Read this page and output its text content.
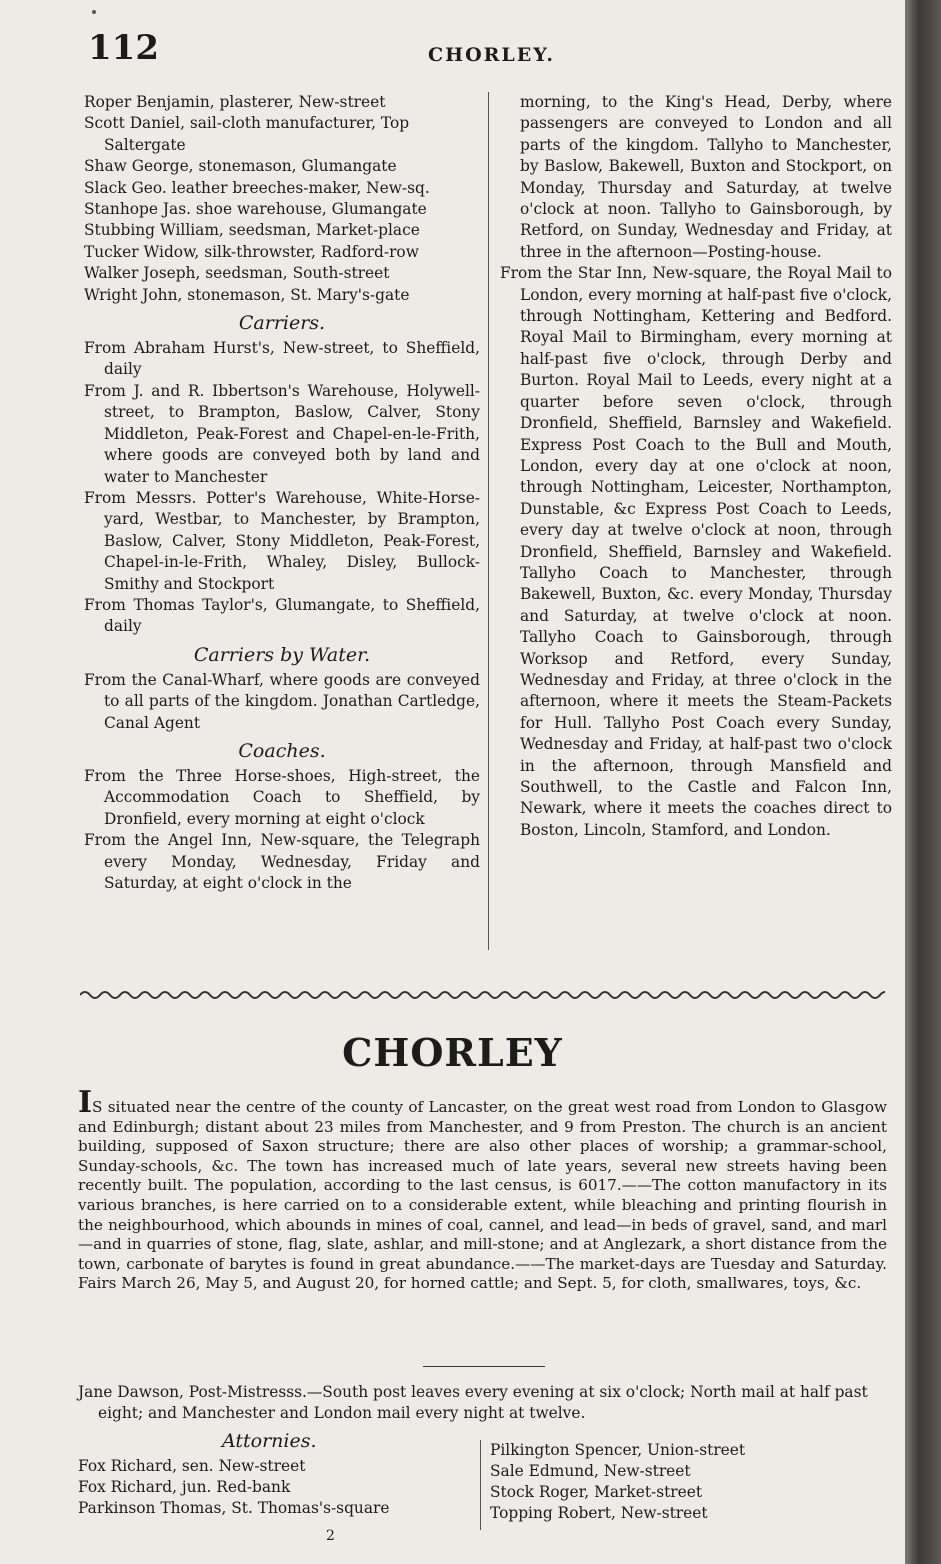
112	CHORLEY.
Roper Benjamin, plasterer, New-street
Scott Daniel, sail-cloth manufacturer, Top Saltergate
Shaw George, stonemason, Glumangate
Slack Geo. leather breeches-maker, New-sq.
Stanhope Jas. shoe warehouse, Glumangate
Stubbing William, seedsman, Market-place
Tucker Widow, silk-throwster, Radford-row
Walker Joseph, seedsman, South-street
Wright John, stonemason, St. Mary's-gate
Carriers.
From Abraham Hurst's, New-street, to Sheffield, daily
From J. and R. Ibbertson's Warehouse, Holywell-street, to Brampton, Baslow, Calver, Stony Middleton, Peak-Forest and Chapel-en-le-Frith, where goods are conveyed both by land and water to Manchester
From Messrs. Potter's Warehouse, White-Horse-yard, Westbar, to Manchester, by Brampton, Baslow, Calver, Stony Middleton, Peak-Forest, Chapel-in-le-Frith, Whaley, Disley, Bullock-Smithy and Stockport
From Thomas Taylor's, Glumangate, to Sheffield, daily
Carriers by Water.
From the Canal-Wharf, where goods are conveyed to all parts of the kingdom. Jonathan Cartledge, Canal Agent
Coaches.
From the Three Horse-shoes, High-street, the Accommodation Coach to Sheffield, by Dronfield, every morning at eight o'clock
From the Angel Inn, New-square, the Telegraph every Monday, Wednesday, Friday and Saturday, at eight o'clock in the
morning, to the King's Head, Derby, where passengers are conveyed to London and all parts of the kingdom. Tallyho to Manchester, by Baslow, Bakewell, Buxton and Stockport, on Monday, Thursday and Saturday, at twelve o'clock at noon. Tallyho to Gainsborough, by Retford, on Sunday, Wednesday and Friday, at three in the afternoon—Posting-house.
From the Star Inn, New-square, the Royal Mail to London, every morning at half-past five o'clock, through Nottingham, Kettering and Bedford. Royal Mail to Birmingham, every morning at half-past five o'clock, through Derby and Burton. Royal Mail to Leeds, every night at a quarter before seven o'clock, through Dronfield, Sheffield, Barnsley and Wakefield. Express Post Coach to the Bull and Mouth, London, every day at one o'clock at noon, through Nottingham, Leicester, Northampton, Dunstable, &c Express Post Coach to Leeds, every day at twelve o'clock at noon, through Dronfield, Sheffield, Barnsley and Wakefield. Tallyho Coach to Manchester, through Bakewell, Buxton, &c. every Monday, Thursday and Saturday, at twelve o'clock at noon. Tallyho Coach to Gainsborough, through Worksop and Retford, every Sunday, Wednesday and Friday, at three o'clock in the afternoon, where it meets the Steam-Packets for Hull. Tallyho Post Coach every Sunday, Wednesday and Friday, at half-past two o'clock in the afternoon, through Mansfield and Southwell, to the Castle and Falcon Inn, Newark, where it meets the coaches direct to Boston, Lincoln, Stamford, and London.
CHORLEY
IS situated near the centre of the county of Lancaster, on the great west road from London to Glasgow and Edinburgh; distant about 23 miles from Manchester, and 9 from Preston. The church is an ancient building, supposed of Saxon structure; there are also other places of worship; a grammar-school, Sunday-schools, &c. The town has increased much of late years, several new streets having been recently built. The population, according to the last census, is 6017.——The cotton manufactory in its various branches, is here carried on to a considerable extent, while bleaching and printing flourish in the neighbourhood, which abounds in mines of coal, cannel, and lead—in beds of gravel, sand, and marl—and in quarries of stone, flag, slate, ashlar, and mill-stone; and at Anglezark, a short distance from the town, carbonate of barytes is found in great abundance.——The market-days are Tuesday and Saturday. Fairs March 26, May 5, and August 20, for horned cattle; and Sept. 5, for cloth, smallwares, toys, &c.
Jane Dawson, Post-Mistresss.—South post leaves every evening at six o'clock; North mail at half past eight; and Manchester and London mail every night at twelve.
Attornies.
Fox Richard, sen. New-street
Fox Richard, jun. Red-bank
Parkinson Thomas, St. Thomas's-square
Pilkington Spencer, Union-street
Sale Edmund, New-street
Stock Roger, Market-street
Topping Robert, New-street
2
